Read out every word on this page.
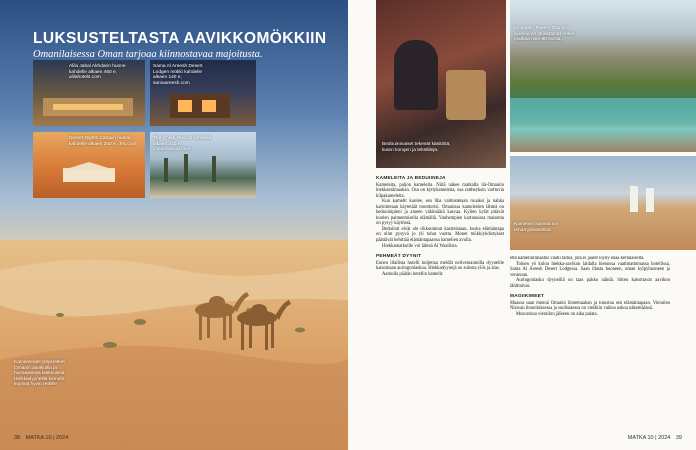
LUKSUSTELTASTA AAVIKKOMÖKKIIN
Omanilaisessa Oman tarjoaa kiinnostavaa majoitusta.
Alila Jabal Akhdarin huone kahdelle alkaen 460 e, alilahotels.com
Sama Al Areesh Desert Lodgen mökki kahdelle alkaen 140 e, samaareesh.com
Desert Nights Campin huone kahdelle alkaen 250 e, dnc.com
The Chedi Muscat kahdelle alkaen 440 e, chedimuscat.com
Kamelinridet ylitysretket Omanin aavikoilla ja huimaavissa laaksoissa. Hiekkadyyneillä kamelit sopivat hyvin retkille.
38 MATKA 10 | 2024
Bedouininaiset tekevät käsitöitä, kuten korujen ja tekstiilejä.
Mountain Towers Touristin ajoneuvon järjestämät retket matkaa noin 80 euroa.
Kamelien kanssa voi tehdä päiväretkiä.
KAMELEITA JA BEDUIINEJA

Kameleita, paljon kameleita. Niitä näkee matkalla itä-Omaniin hiekkaerämaahan. Osa on kyttykameleita, osa rattheyksin varttuvia kilpakameleita.

Kun kamelit kuolee, sen liha valmistetaan ruuaksi ja nahka kartoitetaan käytetäät moottorisi. Omanissa kameleiden lähteä on bedouinipieni ja alueen väkimäärä kasvaa. Kylien kylät pitävät huolen paimentoisella elämällä. Vanhempien kartanoissa maisema on pysyy käytössä.

Beduiinit eivät ole rikkoutunut kastreistaan, koska elämäntapa on ollut pysyvä jo yli tuhat vuotta. Monet mökkiyhdistykset päättävät kehittää elämäntapaansa kamelien avulla.

Hiekkamatkoille voi lähteä Al Wasilista.

PEHMEÄT DYYNIT

Ennen illallista hotelli kuljettaa meidät nelivetoautoilla dyyneille katsomaan auringonlaskua. Hiekkadyynejä on sulosta ylös ja alas.

Aamulla päätän hotellin kamelit.

että kamelinratsastus vaatii taitoa, jota ei jaaret löydy enää kertalaiselta.

Toinen yö kuluu hiekka-aavikon laidalla hienossa vaatimattomassa hotellissa, Sama Al Areesh Desert Lodgessa. Saan illasta huoneen, oman kylpyhuoneen ja verannan.

Auringonlasku dyyneillä on taas pakko nähdä. Sitten katsottavat aavikon tähtitaivas.

MAGIIKIMEET

Maassa saan mennä Omanin ihmemaahan ja tutustua sen elämäntapaan. Vierailen Nizwan linnoituksessa ja suolistaessa on vieläkin vaikea uskoa näkemäänsä.

Muscatissa vierailun jälkeen on aika palata.

MATKA 10 | 2024 39
